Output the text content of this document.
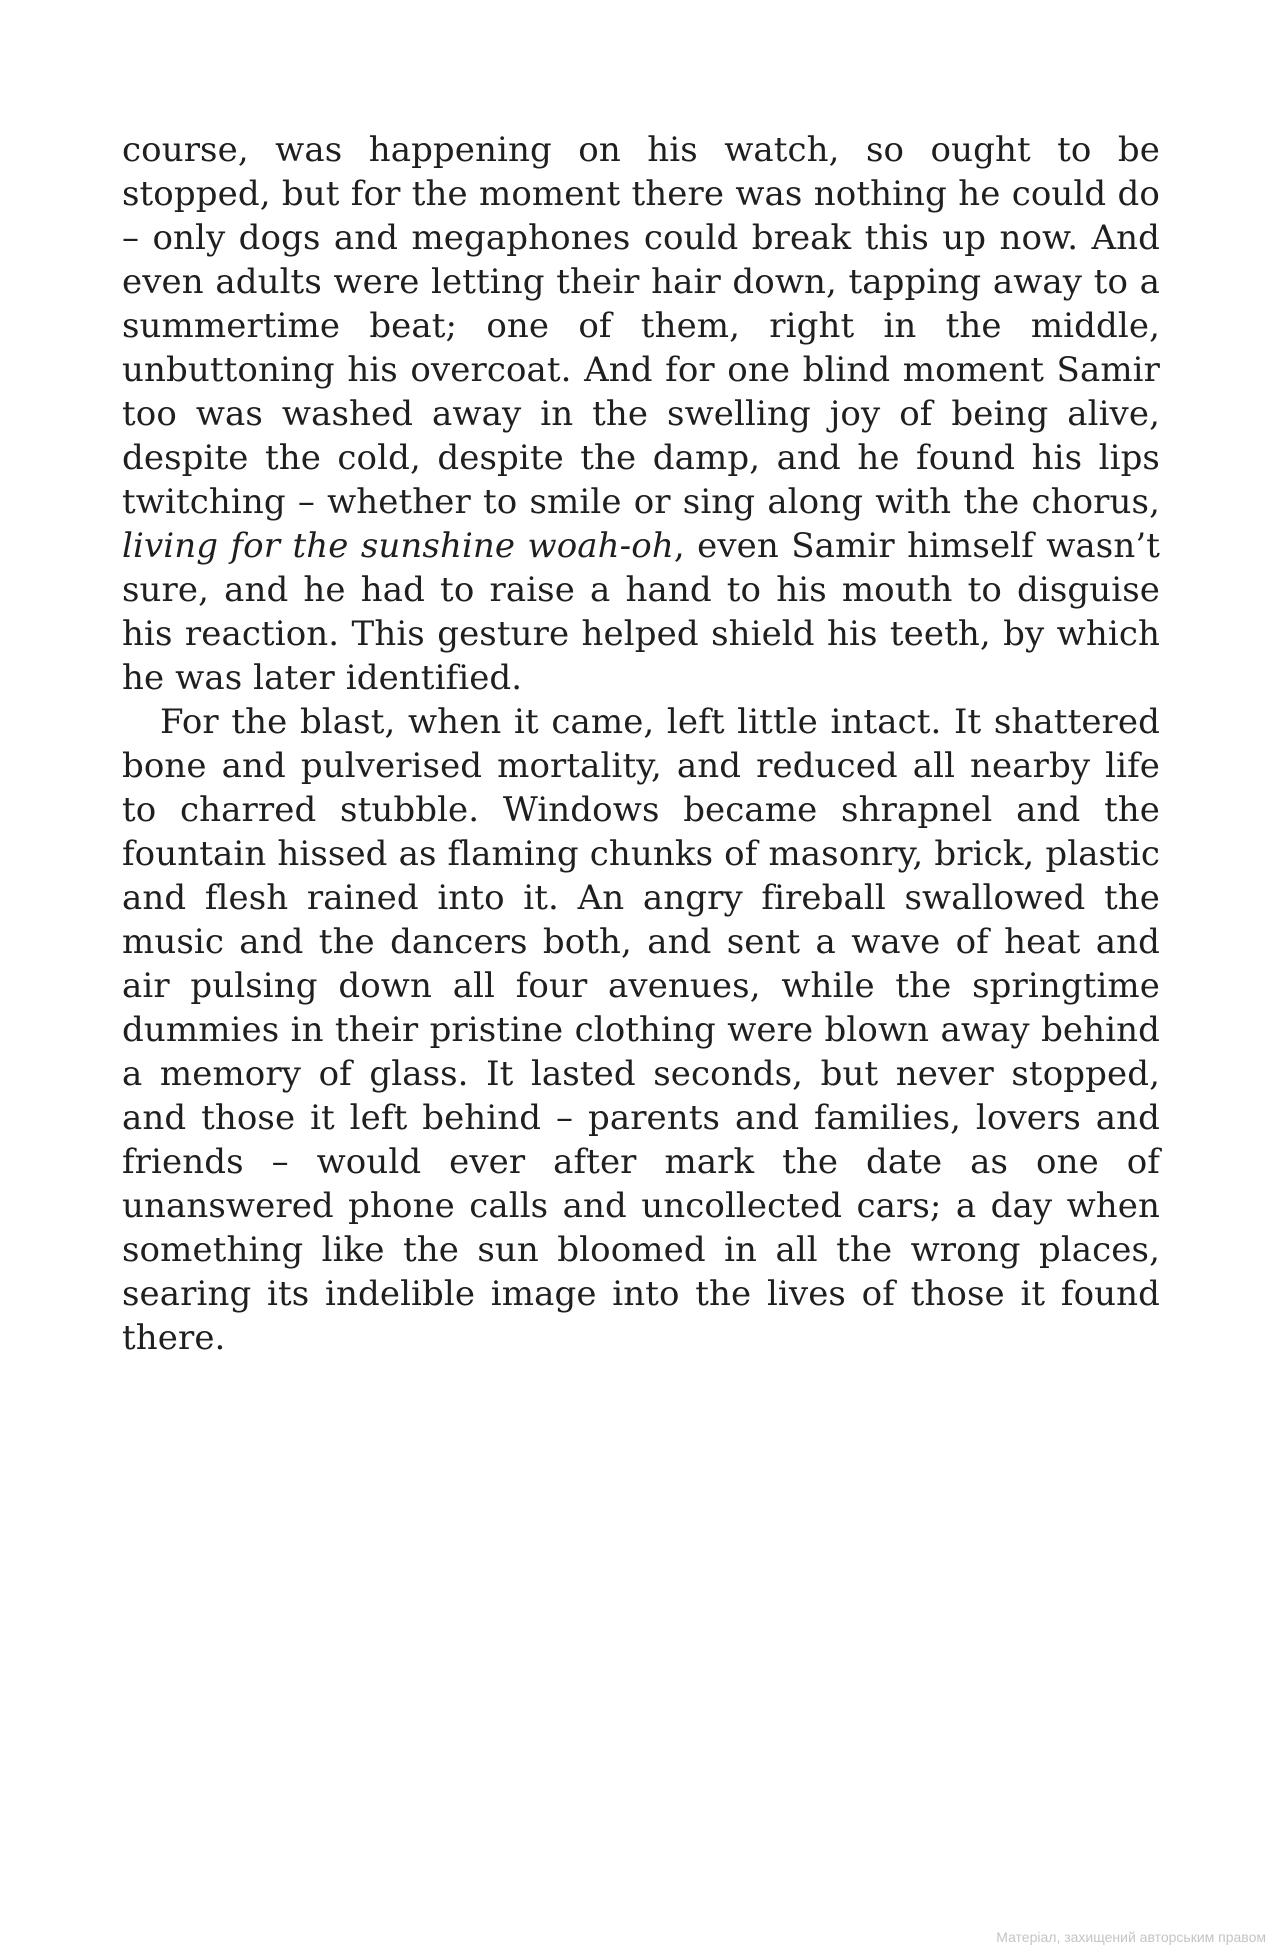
course, was happening on his watch, so ought to be stopped, but for the moment there was nothing he could do – only dogs and megaphones could break this up now. And even adults were letting their hair down, tapping away to a summertime beat; one of them, right in the middle, unbuttoning his overcoat. And for one blind moment Samir too was washed away in the swelling joy of being alive, despite the cold, despite the damp, and he found his lips twitching – whether to smile or sing along with the chorus, living for the sunshine woah-oh, even Samir himself wasn’t sure, and he had to raise a hand to his mouth to disguise his reaction. This gesture helped shield his teeth, by which he was later identified.

For the blast, when it came, left little intact. It shattered bone and pulverised mortality, and reduced all nearby life to charred stubble. Windows became shrapnel and the fountain hissed as flaming chunks of masonry, brick, plastic and flesh rained into it. An angry fireball swallowed the music and the dancers both, and sent a wave of heat and air pulsing down all four avenues, while the springtime dummies in their pristine clothing were blown away behind a memory of glass. It lasted seconds, but never stopped, and those it left behind – parents and families, lovers and friends – would ever after mark the date as one of unanswered phone calls and uncollected cars; a day when something like the sun bloomed in all the wrong places, searing its indelible image into the lives of those it found there.

Матеріал, захищений авторським правом
